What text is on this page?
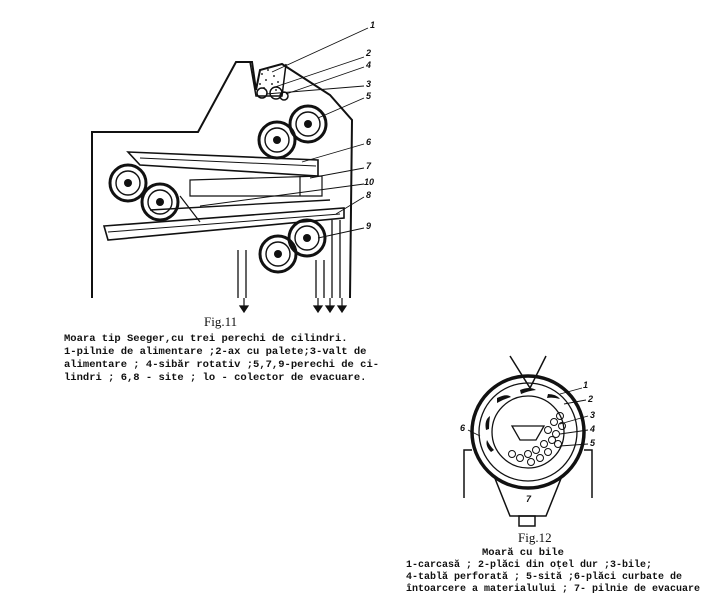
1
2
4
3
5
6
7
10
8
9
Fig.11
Moara tip Seeger,cu trei perechi de cilindri.
1-pilnie de alimentare ;2-ax cu palete;3-valt de
alimentare ; 4-sibăr rotativ ;5,7,9-perechi de ci-
lindri ; 6,8 - site ; lo - colector de evacuare.
1
2
3
4
5
6
7
Fig.12
Moară cu bile
1-carcasă ; 2-plăci din oțel dur ;3-bile;
4-tablă perforată ; 5-sită ;6-plăci curbate de
întoarcere a materialului ; 7- pilnie de evacuare
